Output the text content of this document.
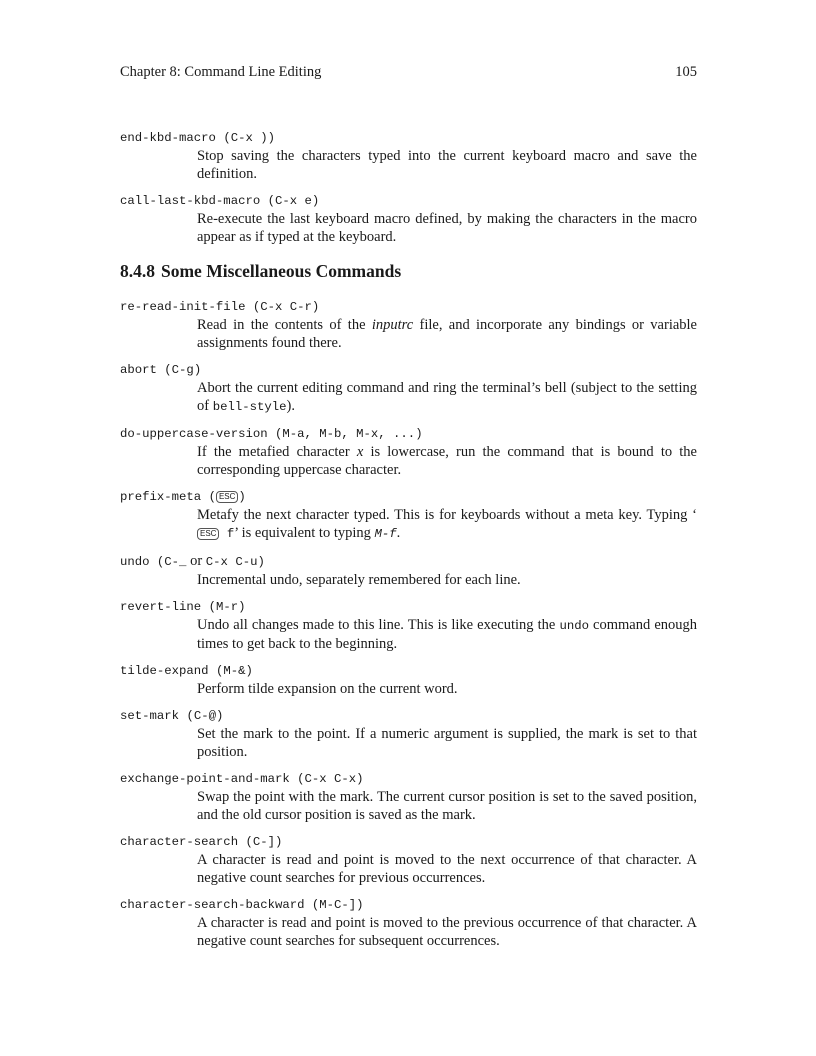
Chapter 8: Command Line Editing	105
end-kbd-macro (C-x ))
Stop saving the characters typed into the current keyboard macro and save the definition.
call-last-kbd-macro (C-x e)
Re-execute the last keyboard macro defined, by making the characters in the macro appear as if typed at the keyboard.
8.4.8 Some Miscellaneous Commands
re-read-init-file (C-x C-r)
Read in the contents of the inputrc file, and incorporate any bindings or variable assignments found there.
abort (C-g)
Abort the current editing command and ring the terminal’s bell (subject to the setting of bell-style).
do-uppercase-version (M-a, M-b, M-x, ...)
If the metafied character x is lowercase, run the command that is bound to the corresponding uppercase character.
prefix-meta ( ESC )
Metafy the next character typed. This is for keyboards without a meta key. Typing ‘ESC f’ is equivalent to typing M-f.
undo (C-_ or C-x C-u)
Incremental undo, separately remembered for each line.
revert-line (M-r)
Undo all changes made to this line. This is like executing the undo command enough times to get back to the beginning.
tilde-expand (M-&)
Perform tilde expansion on the current word.
set-mark (C-@)
Set the mark to the point. If a numeric argument is supplied, the mark is set to that position.
exchange-point-and-mark (C-x C-x)
Swap the point with the mark. The current cursor position is set to the saved position, and the old cursor position is saved as the mark.
character-search (C-])
A character is read and point is moved to the next occurrence of that character. A negative count searches for previous occurrences.
character-search-backward (M-C-])
A character is read and point is moved to the previous occurrence of that character. A negative count searches for subsequent occurrences.
